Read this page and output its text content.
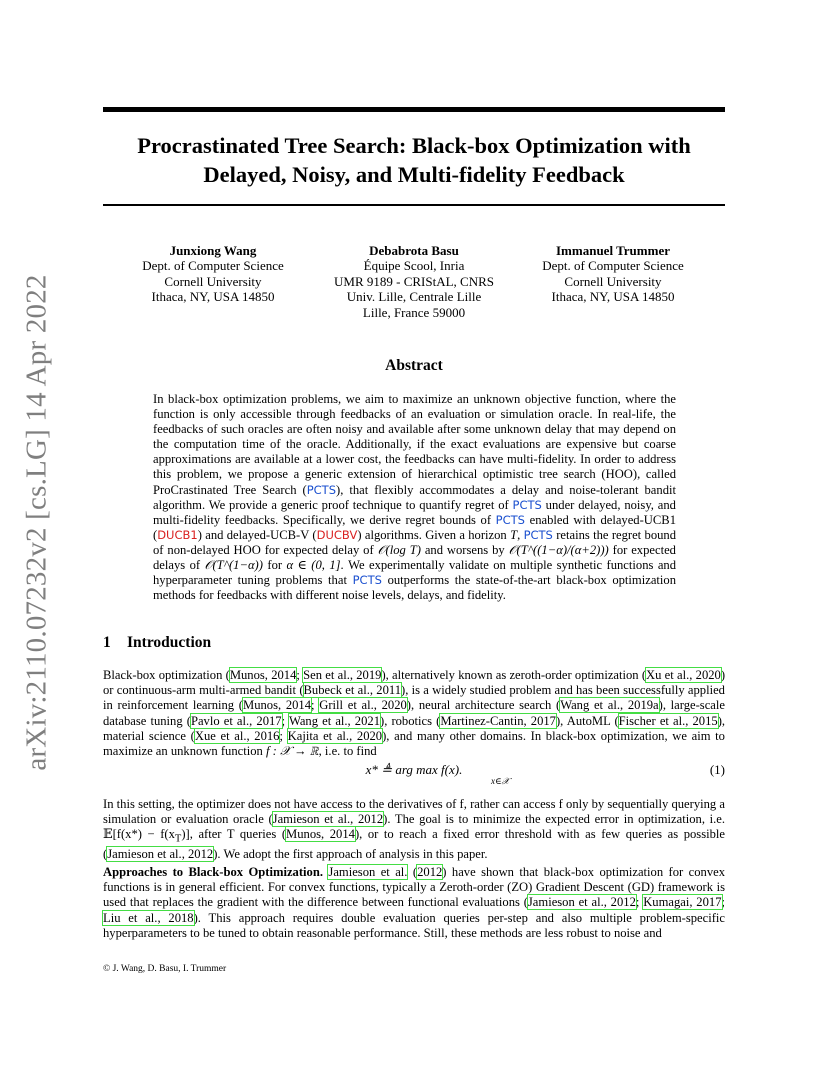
arXiv:2110.07232v2 [cs.LG] 14 Apr 2022
Procrastinated Tree Search: Black-box Optimization with
Delayed, Noisy, and Multi-fidelity Feedback
Junxiong Wang
Dept. of Computer Science
Cornell University
Ithaca, NY, USA 14850
Debabrota Basu
Équipe Scool, Inria
UMR 9189 - CRIStAL, CNRS
Univ. Lille, Centrale Lille
Lille, France 59000
Immanuel Trummer
Dept. of Computer Science
Cornell University
Ithaca, NY, USA 14850
Abstract
In black-box optimization problems, we aim to maximize an unknown objective function, where the function is only accessible through feedbacks of an evaluation or simulation oracle. In real-life, the feedbacks of such oracles are often noisy and available after some unknown delay that may depend on the computation time of the oracle. Additionally, if the exact evaluations are expensive but coarse approximations are available at a lower cost, the feedbacks can have multi-fidelity. In order to address this problem, we propose a generic extension of hierarchical optimistic tree search (HOO), called ProCrastinated Tree Search (PCTS), that flexibly accommodates a delay and noise-tolerant bandit algorithm. We provide a generic proof technique to quantify regret of PCTS under delayed, noisy, and multi-fidelity feedbacks. Specifically, we derive regret bounds of PCTS enabled with delayed-UCB1 (DUCB1) and delayed-UCB-V (DUCBV) algorithms. Given a horizon T, PCTS retains the regret bound of non-delayed HOO for expected delay of 𝒪(log T) and worsens by 𝒪(T^((1−α)/(α+2))) for expected delays of 𝒪(T^(1−α)) for α ∈ (0, 1]. We experimentally validate on multiple synthetic functions and hyperparameter tuning problems that PCTS outperforms the state-of-the-art black-box optimization methods for feedbacks with different noise levels, delays, and fidelity.
1 Introduction
Black-box optimization (Munos, 2014; Sen et al., 2019), alternatively known as zeroth-order optimization (Xu et al., 2020) or continuous-arm multi-armed bandit (Bubeck et al., 2011), is a widely studied problem and has been successfully applied in reinforcement learning (Munos, 2014; Grill et al., 2020), neural architecture search (Wang et al., 2019a), large-scale database tuning (Pavlo et al., 2017; Wang et al., 2021), robotics (Martinez-Cantin, 2017), AutoML (Fischer et al., 2015), material science (Xue et al., 2016; Kajita et al., 2020), and many other domains. In black-box optimization, we aim to maximize an unknown function f : 𝒳 → ℝ, i.e. to find
x* ≜ arg max f(x).
x∈𝒳
(1)
In this setting, the optimizer does not have access to the derivatives of f, rather can access f only by sequentially querying a simulation or evaluation oracle (Jamieson et al., 2012). The goal is to minimize the expected error in optimization, i.e. 𝔼[f(x*) − $f(x_T)$], after T queries (Munos, 2014), or to reach a fixed error threshold with as few queries as possible (Jamieson et al., 2012). We adopt the first approach of analysis in this paper.
Approaches to Black-box Optimization. Jamieson et al. (2012) have shown that black-box optimization for convex functions is in general efficient. For convex functions, typically a Zeroth-order (ZO) Gradient Descent (GD) framework is used that replaces the gradient with the difference between functional evaluations (Jamieson et al., 2012; Kumagai, 2017; Liu et al., 2018). This approach requires double evaluation queries per-step and also multiple problem-specific hyperparameters to be tuned to obtain reasonable performance. Still, these methods are less robust to noise and
© J. Wang, D. Basu, I. Trummer
